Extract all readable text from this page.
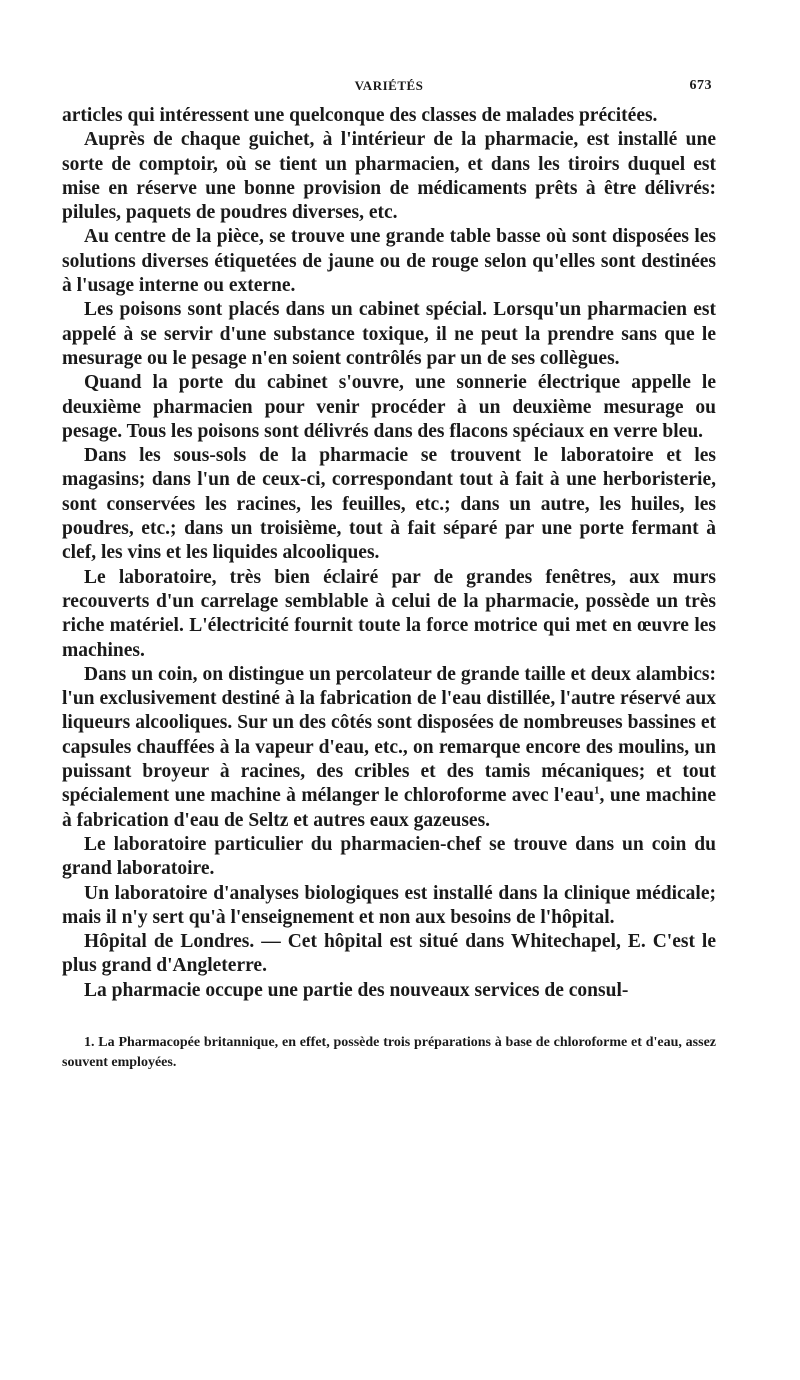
VARIÉTÉS	673

articles qui intéressent une quelconque des classes de malades précitées.

Auprès de chaque guichet, à l'intérieur de la pharmacie, est installé une sorte de comptoir, où se tient un pharmacien, et dans les tiroirs duquel est mise en réserve une bonne provision de médicaments prêts à être délivrés: pilules, paquets de poudres diverses, etc.

Au centre de la pièce, se trouve une grande table basse où sont disposées les solutions diverses étiquetées de jaune ou de rouge selon qu'elles sont destinées à l'usage interne ou externe.

Les poisons sont placés dans un cabinet spécial. Lorsqu'un pharmacien est appelé à se servir d'une substance toxique, il ne peut la prendre sans que le mesurage ou le pesage n'en soient contrôlés par un de ses collègues.

Quand la porte du cabinet s'ouvre, une sonnerie électrique appelle le deuxième pharmacien pour venir procéder à un deuxième mesurage ou pesage. Tous les poisons sont délivrés dans des flacons spéciaux en verre bleu.

Dans les sous-sols de la pharmacie se trouvent le laboratoire et les magasins; dans l'un de ceux-ci, correspondant tout à fait à une herboristerie, sont conservées les racines, les feuilles, etc.; dans un autre, les huiles, les poudres, etc.; dans un troisième, tout à fait séparé par une porte fermant à clef, les vins et les liquides alcooliques.

Le laboratoire, très bien éclairé par de grandes fenêtres, aux murs recouverts d'un carrelage semblable à celui de la pharmacie, possède un très riche matériel. L'électricité fournit toute la force motrice qui met en œuvre les machines.

Dans un coin, on distingue un percolateur de grande taille et deux alambics: l'un exclusivement destiné à la fabrication de l'eau distillée, l'autre réservé aux liqueurs alcooliques. Sur un des côtés sont disposées de nombreuses bassines et capsules chauffées à la vapeur d'eau, etc., on remarque encore des moulins, un puissant broyeur à racines, des cribles et des tamis mécaniques; et tout spécialement une machine à mélanger le chloroforme avec l'eau$^1$, une machine à fabrication d'eau de Seltz et autres eaux gazeuses.

Le laboratoire particulier du pharmacien-chef se trouve dans un coin du grand laboratoire.

Un laboratoire d'analyses biologiques est installé dans la clinique médicale; mais il n'y sert qu'à l'enseignement et non aux besoins de l'hôpital.

Hôpital de Londres. — Cet hôpital est situé dans Whitechapel, E. C'est le plus grand d'Angleterre.

La pharmacie occupe une partie des nouveaux services de consul-

1. La Pharmacopée britannique, en effet, possède trois préparations à base de chloroforme et d'eau, assez souvent employées.
